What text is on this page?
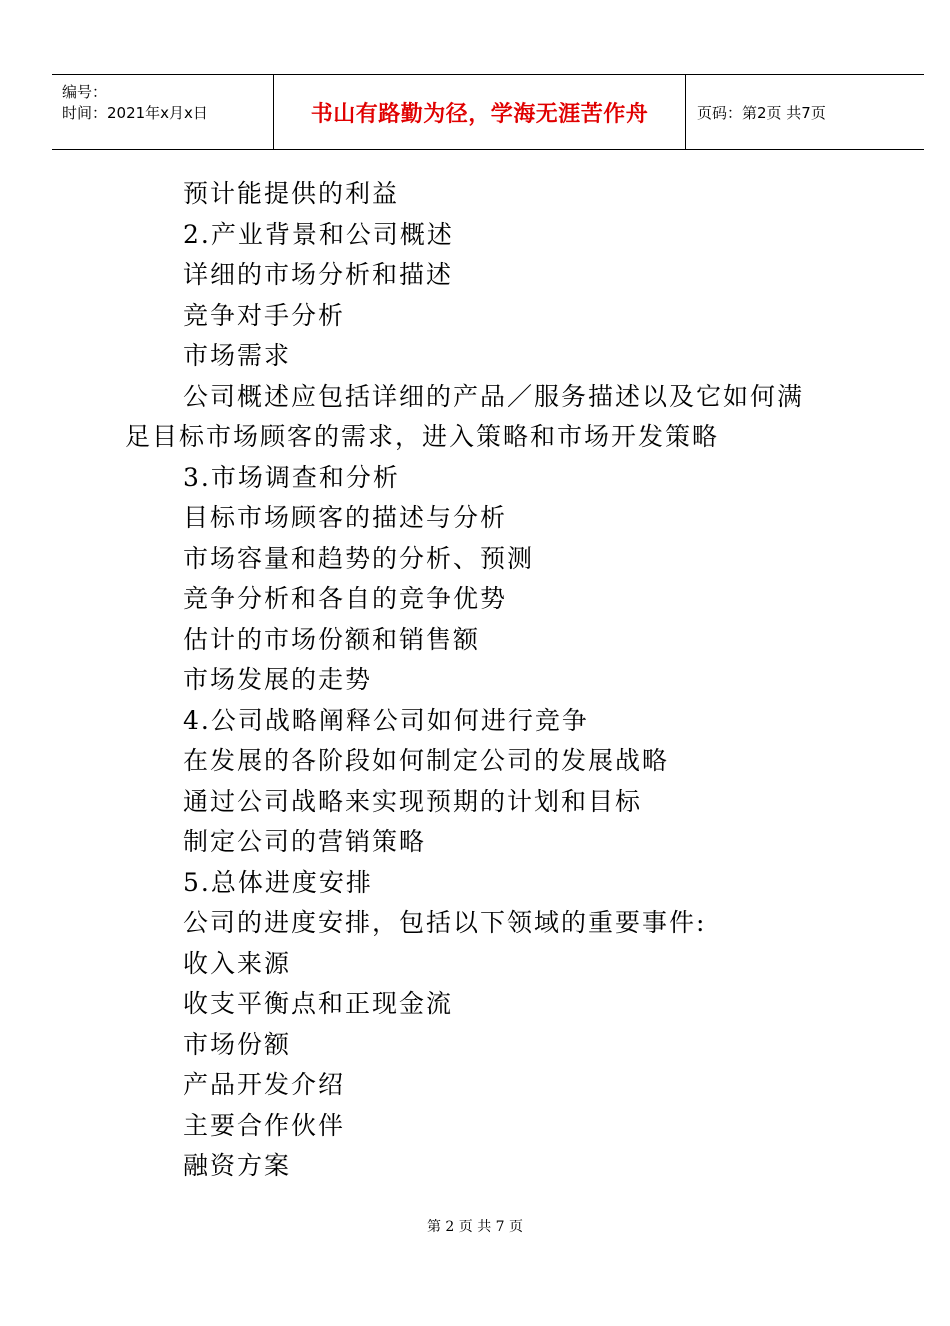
编号：
时间：2021年x月x日	书山有路勤为径，学海无涯苦作舟	页码：第2页 共7页
预计能提供的利益
2.产业背景和公司概述
详细的市场分析和描述
竞争对手分析
市场需求
公司概述应包括详细的产品／服务描述以及它如何满
足目标市场顾客的需求，进入策略和市场开发策略
3.市场调查和分析
目标市场顾客的描述与分析
市场容量和趋势的分析、预测
竞争分析和各自的竞争优势
估计的市场份额和销售额
市场发展的走势
4.公司战略阐释公司如何进行竞争
在发展的各阶段如何制定公司的发展战略
通过公司战略来实现预期的计划和目标
制定公司的营销策略
5.总体进度安排
公司的进度安排，包括以下领域的重要事件:
收入来源
收支平衡点和正现金流
市场份额
产品开发介绍
主要合作伙伴
融资方案
第 2 页 共 7 页
